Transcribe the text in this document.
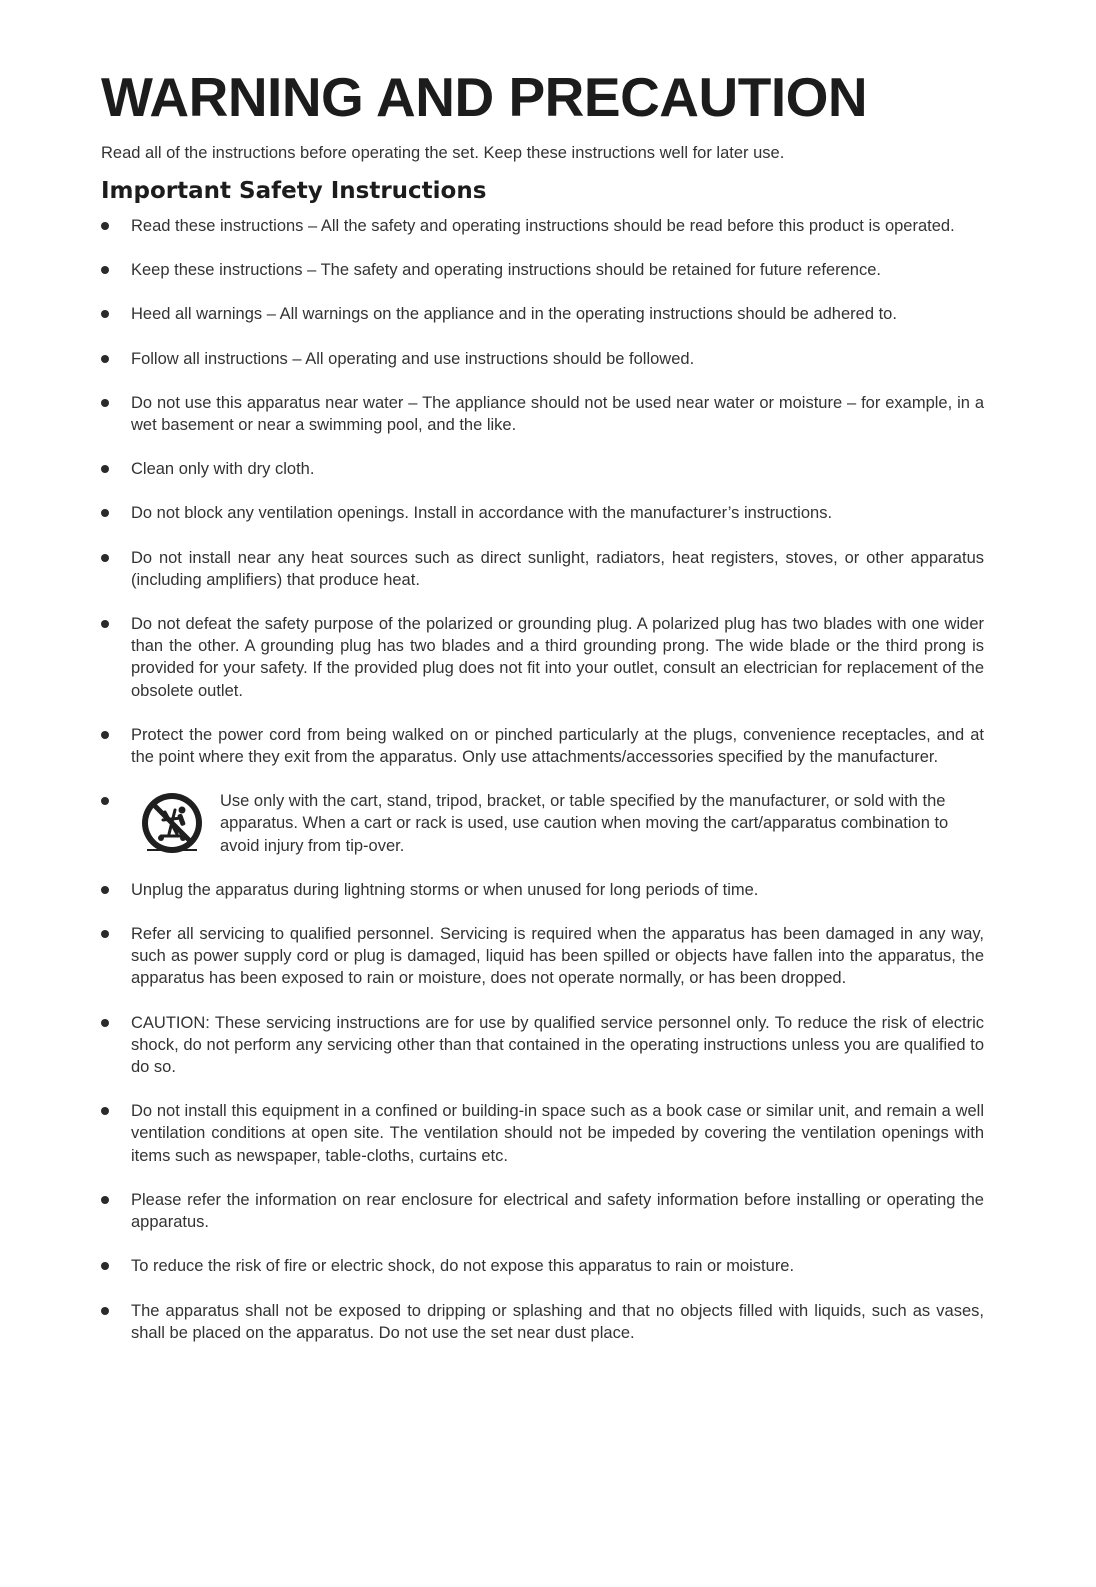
WARNING AND PRECAUTION

Read all of the instructions before operating the set. Keep these instructions well for later use.

Important Safety Instructions
Read these instructions – All the safety and operating instructions should be read before this product is operated.
Keep these instructions – The safety and operating instructions should be retained for future reference.
Heed all warnings – All warnings on the appliance and in the operating instructions should be adhered to.
Follow all instructions – All operating and use instructions should be followed.
Do not use this apparatus near water – The appliance should not be used near water or moisture – for example, in a wet basement or near a swimming pool, and the like.
Clean only with dry cloth.
Do not block any ventilation openings. Install in accordance with the manufacturer’s instructions.
Do not install near any heat sources such as direct sunlight, radiators, heat registers, stoves, or other apparatus (including amplifiers) that produce heat.
Do not defeat the safety purpose of the polarized or grounding plug. A polarized plug has two blades with one wider than the other. A grounding plug has two blades and a third grounding prong. The wide blade or the third prong is provided for your safety. If the provided plug does not fit into your outlet, consult an electrician for replacement of the obsolete outlet.
Protect the power cord from being walked on or pinched particularly at the plugs, convenience receptacles, and at the point where they exit from the apparatus. Only use attachments/accessories specified by the manufacturer.
Use only with the cart, stand, tripod, bracket, or table specified by the manufacturer, or sold with the apparatus. When a cart or rack is used, use caution when moving the cart/apparatus combination to avoid injury from tip-over.
Unplug the apparatus during lightning storms or when unused for long periods of time.
Refer all servicing to qualified personnel. Servicing is required when the apparatus has been damaged in any way, such as power supply cord or plug is damaged, liquid has been spilled or objects have fallen into the apparatus, the apparatus has been exposed to rain or moisture, does not operate normally, or has been dropped.
CAUTION: These servicing instructions are for use by qualified service personnel only. To reduce the risk of electric shock, do not perform any servicing other than that contained in the operating instructions unless you are qualified to do so.
Do not install this equipment in a confined or building-in space such as a book case or similar unit, and remain a well ventilation conditions at open site. The ventilation should not be impeded by covering the ventilation openings with items such as newspaper, table-cloths, curtains etc.
Please refer the information on rear enclosure for electrical and safety information before installing or operating the apparatus.
To reduce the risk of fire or electric shock, do not expose this apparatus to rain or moisture.
The apparatus shall not be exposed to dripping or splashing and that no objects filled with liquids, such as vases, shall be placed on the apparatus. Do not use the set near dust place.
